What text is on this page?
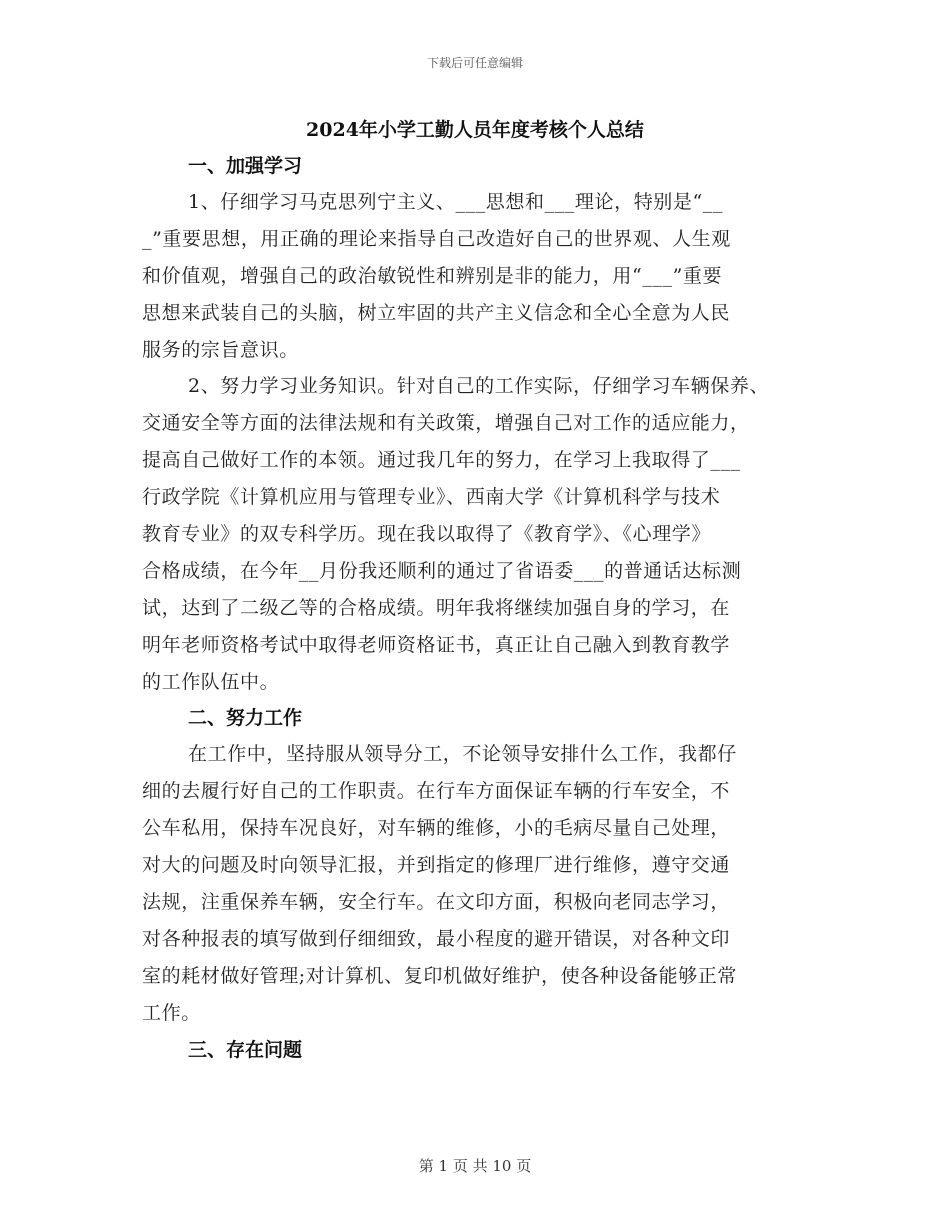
下载后可任意编辑
2024年小学工勤人员年度考核个人总结
一、加强学习
1、仔细学习马克思列宁主义、___思想和___理论，特别是“__
_”重要思想，用正确的理论来指导自己改造好自己的世界观、人生观
和价值观，增强自己的政治敏锐性和辨别是非的能力，用“___”重要
思想来武装自己的头脑，树立牢固的共产主义信念和全心全意为人民
服务的宗旨意识。
2、努力学习业务知识。针对自己的工作实际，仔细学习车辆保养、
交通安全等方面的法律法规和有关政策，增强自己对工作的适应能力，
提高自己做好工作的本领。通过我几年的努力，在学习上我取得了___
行政学院《计算机应用与管理专业》、西南大学《计算机科学与技术
教育专业》的双专科学历。现在我以取得了《教育学》、《心理学》
合格成绩，在今年__月份我还顺利的通过了省语委___的普通话达标测
试，达到了二级乙等的合格成绩。明年我将继续加强自身的学习，在
明年老师资格考试中取得老师资格证书，真正让自己融入到教育教学
的工作队伍中。
二、努力工作
在工作中，坚持服从领导分工，不论领导安排什么工作，我都仔
细的去履行好自己的工作职责。在行车方面保证车辆的行车安全，不
公车私用，保持车况良好，对车辆的维修，小的毛病尽量自己处理，
对大的问题及时向领导汇报，并到指定的修理厂进行维修，遵守交通
法规，注重保养车辆，安全行车。在文印方面，积极向老同志学习，
对各种报表的填写做到仔细细致，最小程度的避开错误，对各种文印
室的耗材做好管理;对计算机、复印机做好维护，使各种设备能够正常
工作。
三、存在问题
第 1 页 共 10 页
